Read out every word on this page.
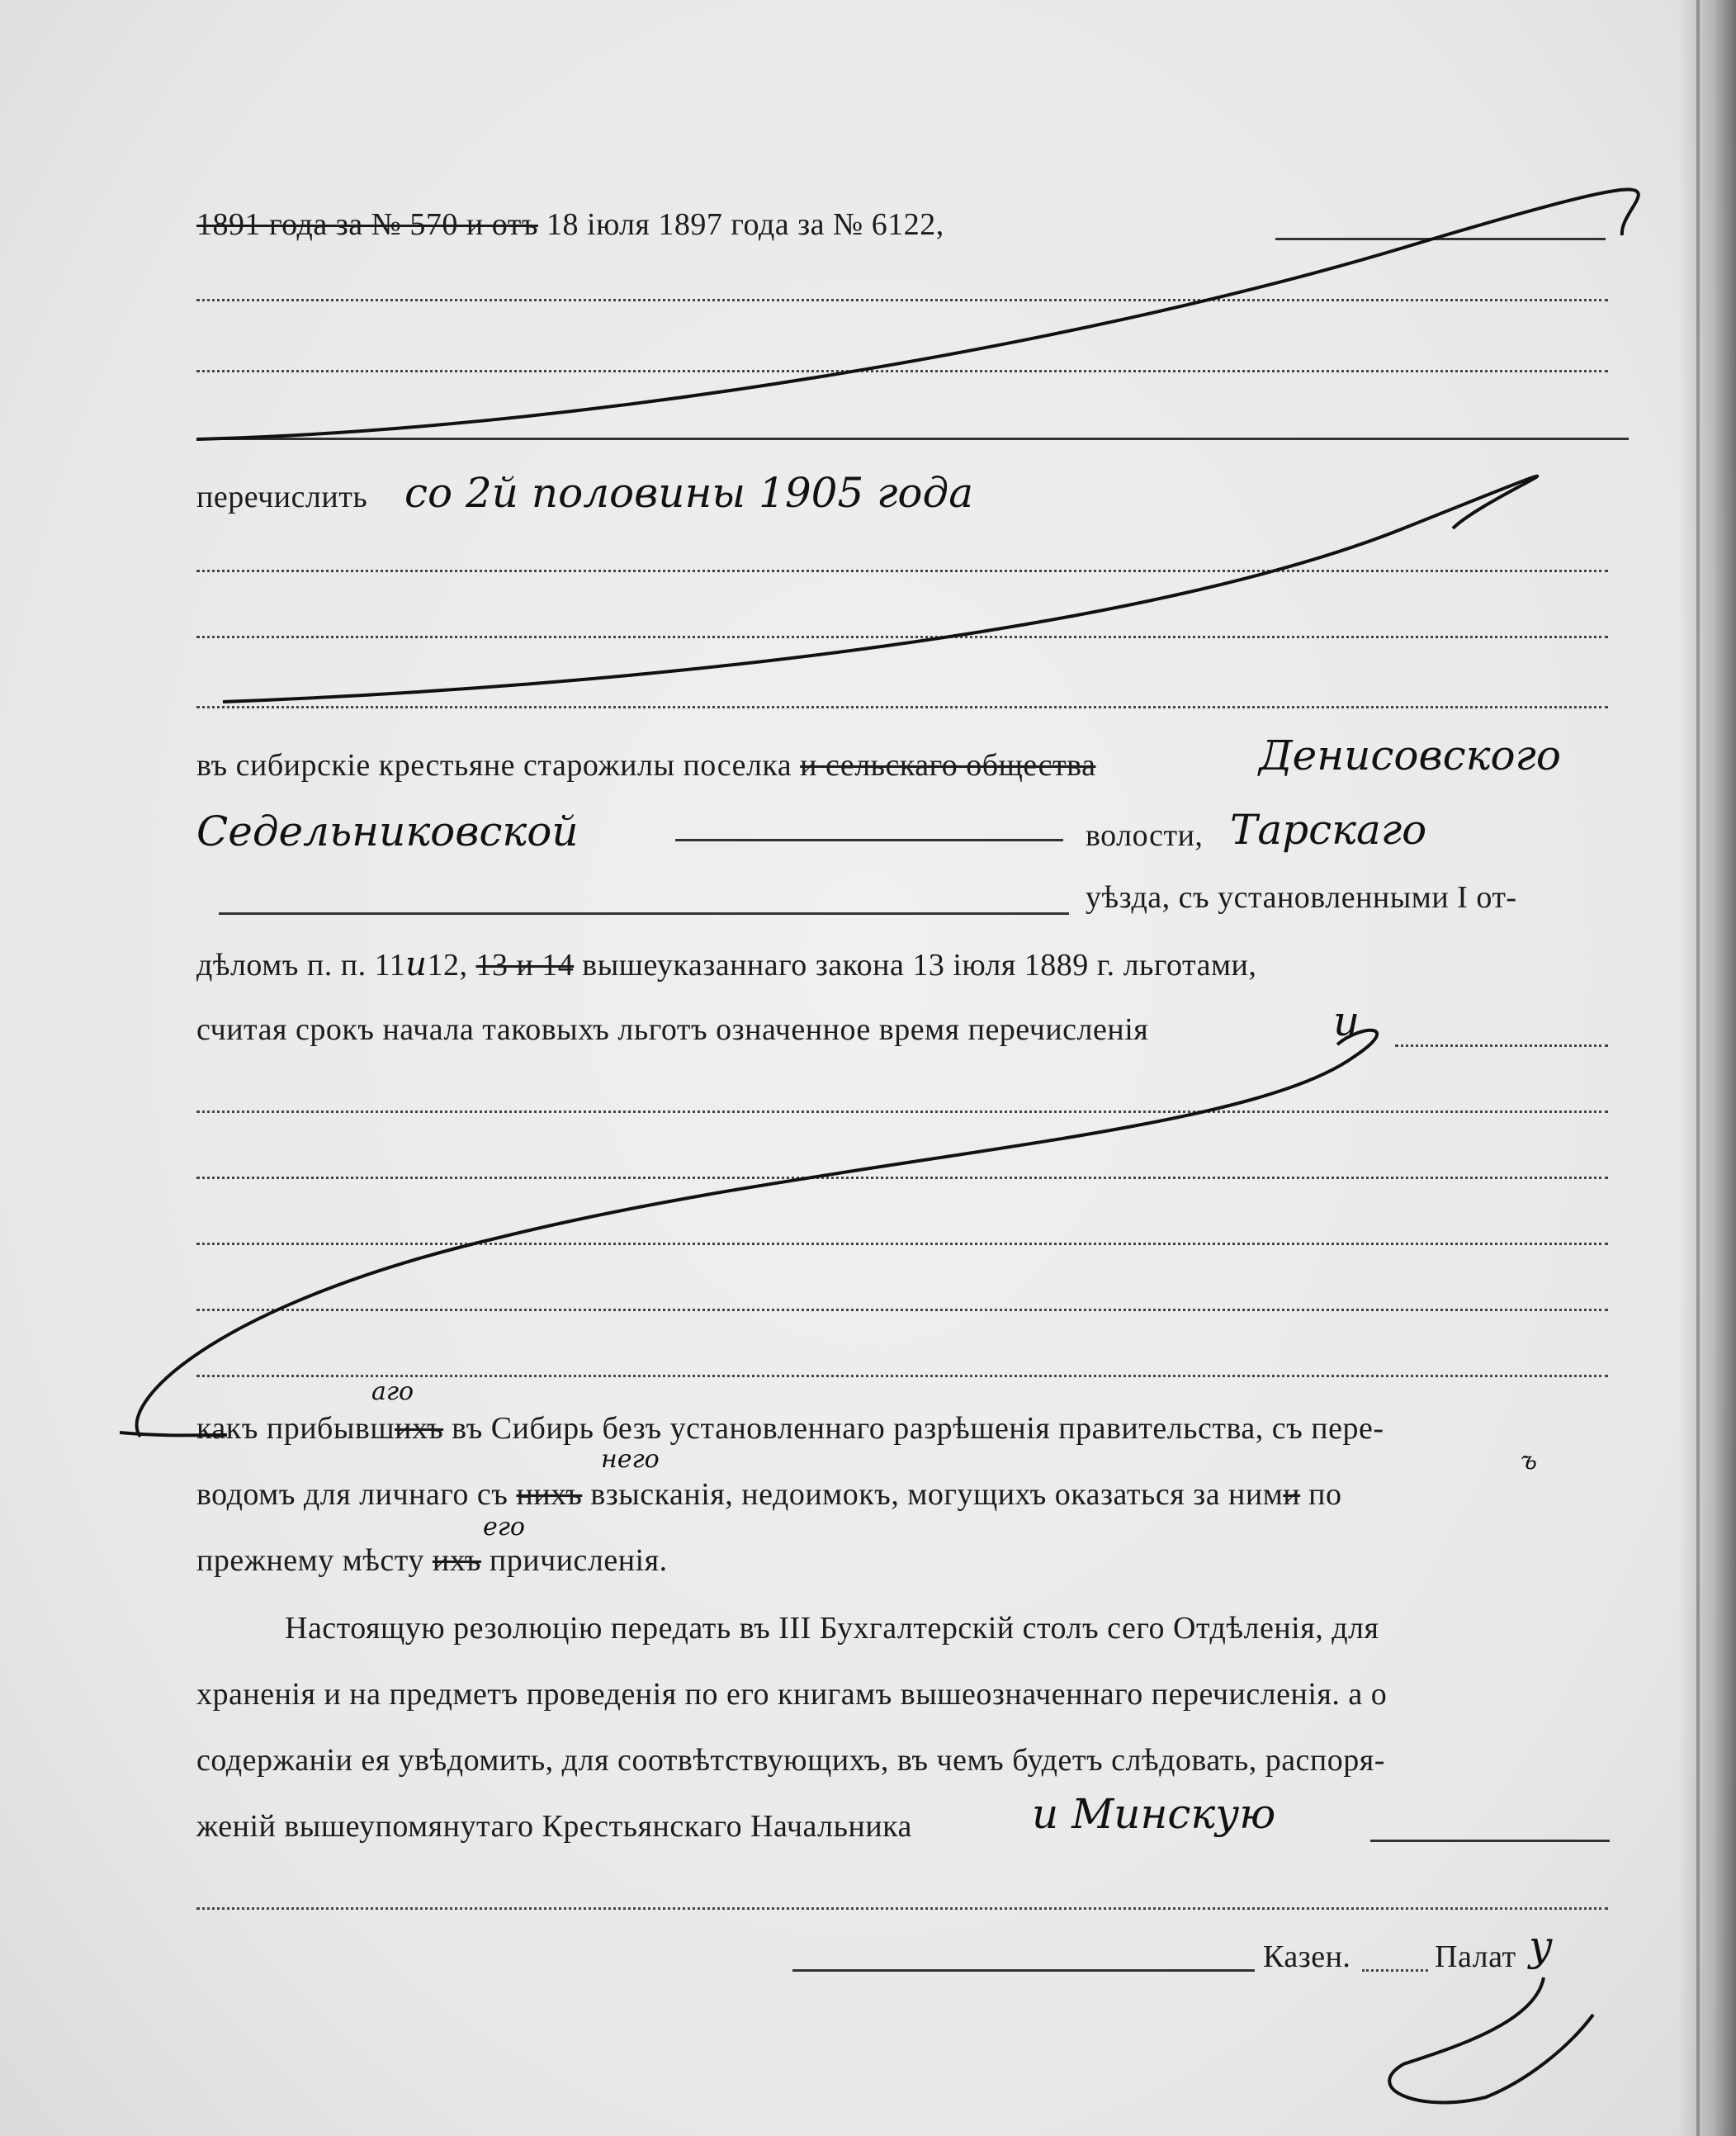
1891 года за № 570 и отъ 18 іюля 1897 года за № 6122,
перечислить со 2й половины 1905 года
въ сибирскіе крестьяне старожилы поселка и сельскаго общества	Денисовского
Седельниковской	волости, Тарскаго
уѣзда, съ установленными I от-
дѣломъ п. п. 11и12, 13 и 14 вышеуказаннаго закона 13 іюля 1889 г. льготами,
считая срокъ начала таковыхъ льготъ означенное время перечисленія	и
аго
какъ прибывшихъ въ Сибирь безъ установленнаго разрѣшенія правительства, съ пере-
него	ъ
водомъ для личнаго съ нихъ взысканія, недоимокъ, могущихъ оказаться за ними по
его
прежнему мѣсту ихъ причисленія.
Настоящую резолюцію передать въ III Бухгалтерскій столъ сего Отдѣленія, для
храненія и на предметъ проведенія по его книгамъ вышеозначеннаго перечисленія. а о
содержаніи ея увѣдомить, для соотвѣтствующихъ, въ чемъ будетъ слѣдовать, распоря-
женій вышеупомянутаго Крестьянскаго Начальника	и Минскую
Казен.	Палат у
